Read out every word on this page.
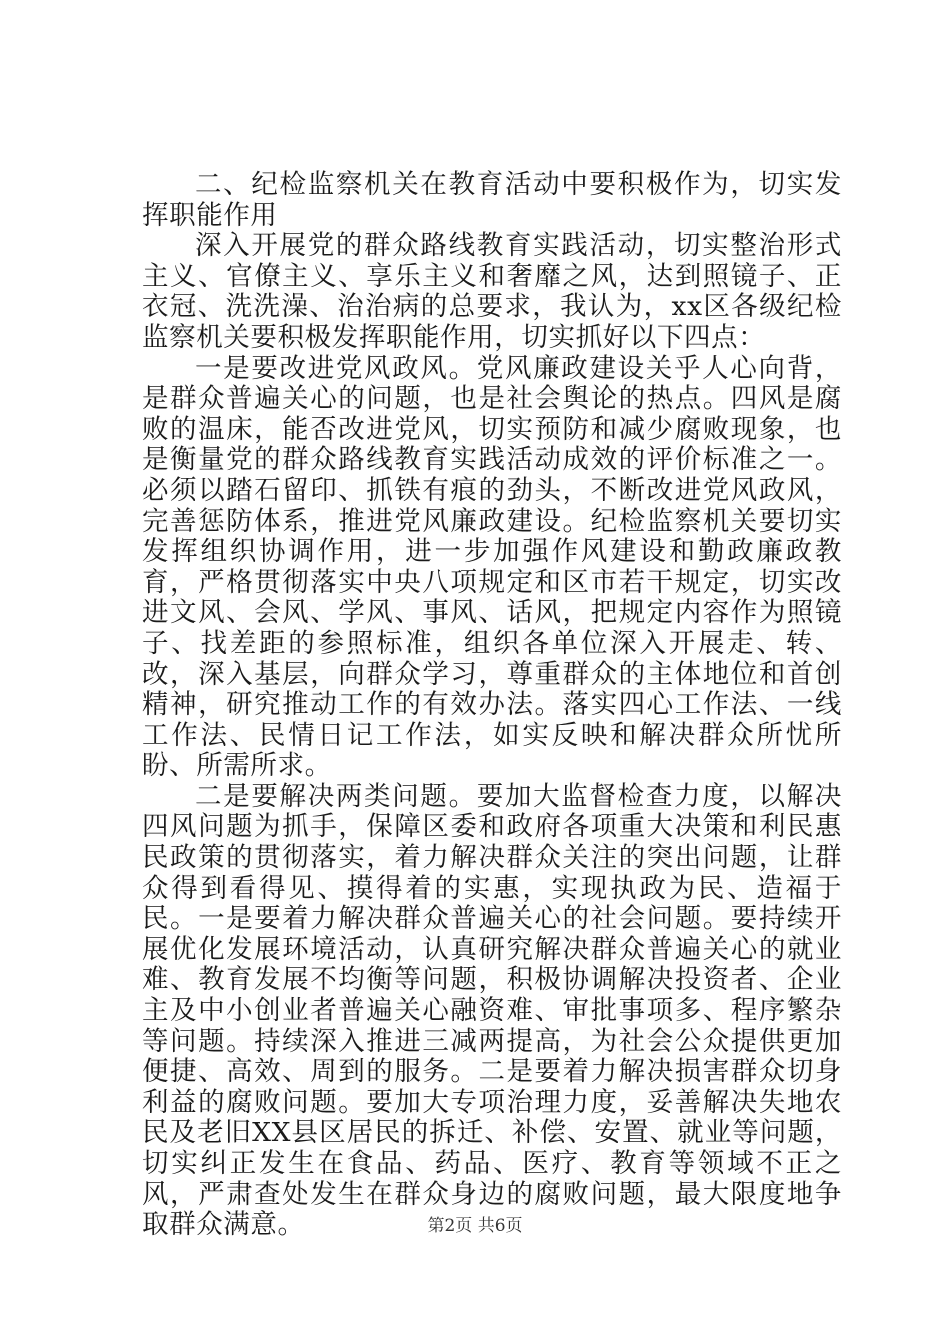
二、纪检监察机关在教育活动中要积极作为，切实发挥职能作用

深入开展党的群众路线教育实践活动，切实整治形式主义、官僚主义、享乐主义和奢靡之风，达到照镜子、正衣冠、洗洗澡、治治病的总要求，我认为，xx区各级纪检监察机关要积极发挥职能作用，切实抓好以下四点：

一是要改进党风政风。党风廉政建设关乎人心向背，是群众普遍关心的问题，也是社会舆论的热点。四风是腐败的温床，能否改进党风，切实预防和减少腐败现象，也是衡量党的群众路线教育实践活动成效的评价标准之一。必须以踏石留印、抓铁有痕的劲头，不断改进党风政风，完善惩防体系，推进党风廉政建设。纪检监察机关要切实发挥组织协调作用，进一步加强作风建设和勤政廉政教育，严格贯彻落实中央八项规定和区市若干规定，切实改进文风、会风、学风、事风、话风，把规定内容作为照镜子、找差距的参照标准，组织各单位深入开展走、转、改，深入基层，向群众学习，尊重群众的主体地位和首创精神，研究推动工作的有效办法。落实四心工作法、一线工作法、民情日记工作法，如实反映和解决群众所忧所盼、所需所求。

二是要解决两类问题。要加大监督检查力度，以解决四风问题为抓手，保障区委和政府各项重大决策和利民惠民政策的贯彻落实，着力解决群众关注的突出问题，让群众得到看得见、摸得着的实惠，实现执政为民、造福于民。一是要着力解决群众普遍关心的社会问题。要持续开展优化发展环境活动，认真研究解决群众普遍关心的就业难、教育发展不均衡等问题，积极协调解决投资者、企业主及中小创业者普遍关心融资难、审批事项多、程序繁杂等问题。持续深入推进三减两提高，为社会公众提供更加便捷、高效、周到的服务。二是要着力解决损害群众切身利益的腐败问题。要加大专项治理力度，妥善解决失地农民及老旧XX县区居民的拆迁、补偿、安置、就业等问题，切实纠正发生在食品、药品、医疗、教育等领域不正之风，严肃查处发生在群众身边的腐败问题，最大限度地争取群众满意。	第2页 共6页
